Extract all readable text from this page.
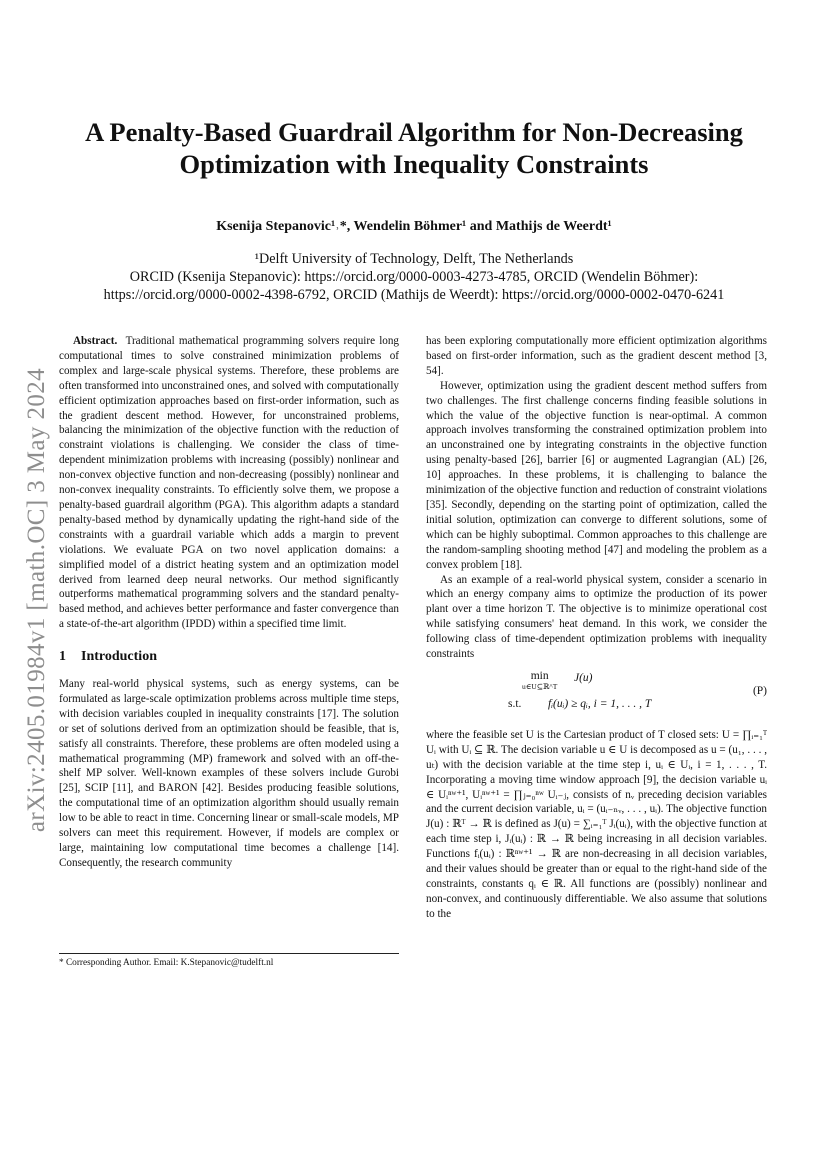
arXiv:2405.01984v1 [math.OC] 3 May 2024
A Penalty-Based Guardrail Algorithm for Non-Decreasing Optimization with Inequality Constraints
Ksenija Stepanovic¹˒*, Wendelin Böhmer¹ and Mathijs de Weerdt¹
¹Delft University of Technology, Delft, The Netherlands
ORCID (Ksenija Stepanovic): https://orcid.org/0000-0003-4273-4785, ORCID (Wendelin Böhmer):
https://orcid.org/0000-0002-4398-6792, ORCID (Mathijs de Weerdt): https://orcid.org/0000-0002-0470-6241

Abstract. Traditional mathematical programming solvers require long computational times to solve constrained minimization problems of complex and large-scale physical systems. Therefore, these problems are often transformed into unconstrained ones, and solved with computationally efficient optimization approaches based on first-order information, such as the gradient descent method. However, for unconstrained problems, balancing the minimization of the objective function with the reduction of constraint violations is challenging. We consider the class of time-dependent minimization problems with increasing (possibly) nonlinear and non-convex objective function and non-decreasing (possibly) nonlinear and non-convex inequality constraints. To efficiently solve them, we propose a penalty-based guardrail algorithm (PGA). This algorithm adapts a standard penalty-based method by dynamically updating the right-hand side of the constraints with a guardrail variable which adds a margin to prevent violations. We evaluate PGA on two novel application domains: a simplified model of a district heating system and an optimization model derived from learned deep neural networks. Our method significantly outperforms mathematical programming solvers and the standard penalty-based method, and achieves better performance and faster convergence than a state-of-the-art algorithm (IPDD) within a specified time limit.

1 Introduction

Many real-world physical systems, such as energy systems, can be formulated as large-scale optimization problems across multiple time steps, with decision variables coupled in inequality constraints [17]. The solution or set of solutions derived from an optimization should be feasible, that is, satisfy all constraints. Therefore, these problems are often modeled using a mathematical programming (MP) framework and solved with an off-the-shelf MP solver. Well-known examples of these solvers include Gurobi [25], SCIP [11], and BARON [42]. Besides producing feasible solutions, the computational time of an optimization algorithm should usually remain low to be able to react in time. Concerning linear or small-scale models, MP solvers can meet this requirement. However, if models are complex or large, maintaining low computational time becomes a challenge [14]. Consequently, the research community

* Corresponding Author. Email: K.Stepanovic@tudelft.nl

has been exploring computationally more efficient optimization algorithms based on first-order information, such as the gradient descent method [3, 54].

However, optimization using the gradient descent method suffers from two challenges. The first challenge concerns finding feasible solutions in which the value of the objective function is near-optimal. A common approach involves transforming the constrained optimization problem into an unconstrained one by integrating constraints in the objective function using penalty-based [26], barrier [6] or augmented Lagrangian (AL) [26, 10] approaches. In these problems, it is challenging to balance the minimization of the objective function and reduction of constraint violations [35]. Secondly, depending on the starting point of optimization, called the initial solution, optimization can converge to different solutions, some of which can be highly suboptimal. Common approaches to this challenge are the random-sampling shooting method [47] and modeling the problem as a convex problem [18].

As an example of a real-world physical system, consider a scenario in which an energy company aims to optimize the production of its power plant over a time horizon T. The objective is to minimize operational cost while satisfying consumers' heat demand. In this work, we consider the following class of time-dependent optimization problems with inequality constraints

min
u∈U⊆ℝ^T
J(u)
s.t. fᵢ(uᵢ) ≥ qᵢ, i = 1, . . . , T
(P)

where the feasible set U is the Cartesian product of T closed sets: U = ∏ᵢ₌₁ᵀ Uᵢ with Uᵢ ⊆ ℝ. The decision variable u ∈ U is decomposed as u = (u₁, . . . , uₜ) with the decision variable at the time step i, uᵢ ∈ Uᵢ, i = 1, . . . , T. Incorporating a moving time window approach [9], the decision variable uᵢ ∈ Uᵢⁿʷ⁺¹, Uᵢⁿʷ⁺¹ = ∏ⱼ₌₀ⁿʷ Uᵢ₋ⱼ, consists of nᵥ preceding decision variables and the current decision variable, uᵢ = (uᵢ₋ₙᵥ, . . . , uᵢ). The objective function J(u) : ℝᵀ → ℝ is defined as J(u) = ∑ᵢ₌₁ᵀ Jᵢ(uᵢ), with the objective function at each time step i, Jᵢ(uᵢ) : ℝ → ℝ being increasing in all decision variables. Functions fᵢ(uᵢ) : ℝⁿʷ⁺¹ → ℝ are non-decreasing in all decision variables, and their values should be greater than or equal to the right-hand side of the constraints, constants qᵢ ∈ ℝ. All functions are (possibly) nonlinear and non-convex, and continuously differentiable. We also assume that solutions to the
